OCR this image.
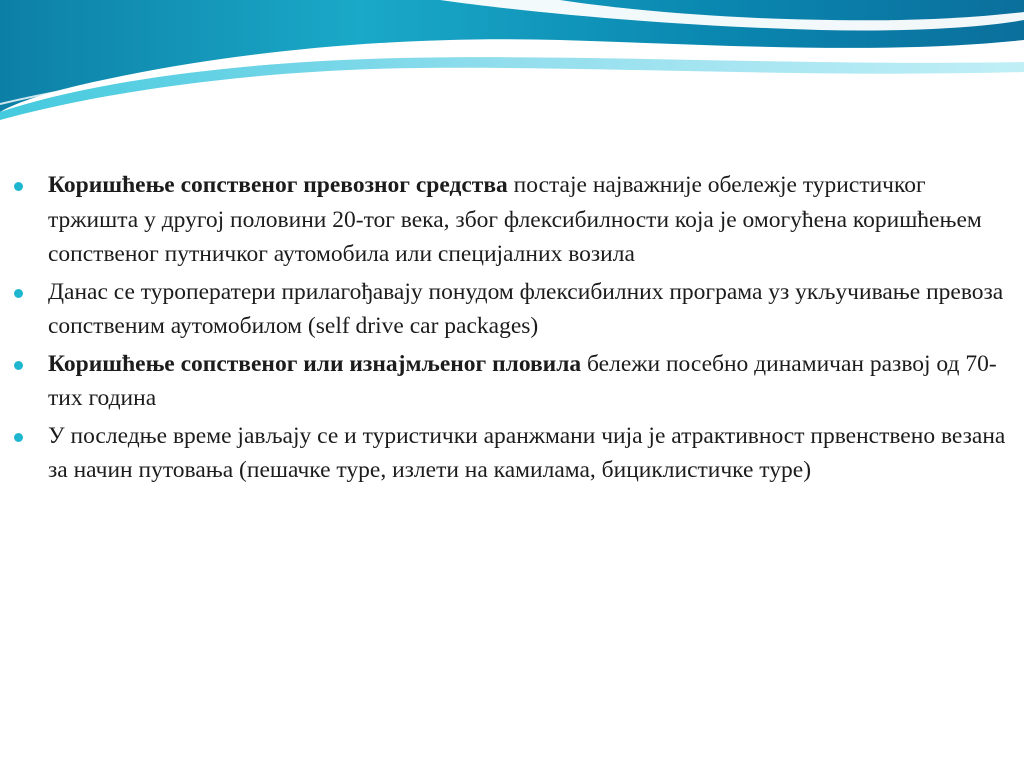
Коришћење сопственог превозног средства постаје најважније обележје туристичког тржишта у другој половини 20-тог века, због флексибилности која је омогућена коришћењем сопственог путничког аутомобила или специјалних возила
Данас се туроператери прилагођавају понудом флексибилних програма уз укључивање превоза сопственим аутомобилом (self drive car packages)
Коришћење сопственог или изнајмљеног пловила бележи посебно динамичан развој од 70-тих година
У последње време јављају се и туристички аранжмани чија је атрактивност првенствено везана за начин путовања (пешачке туре, излети на камилама, бициклистичке туре)
